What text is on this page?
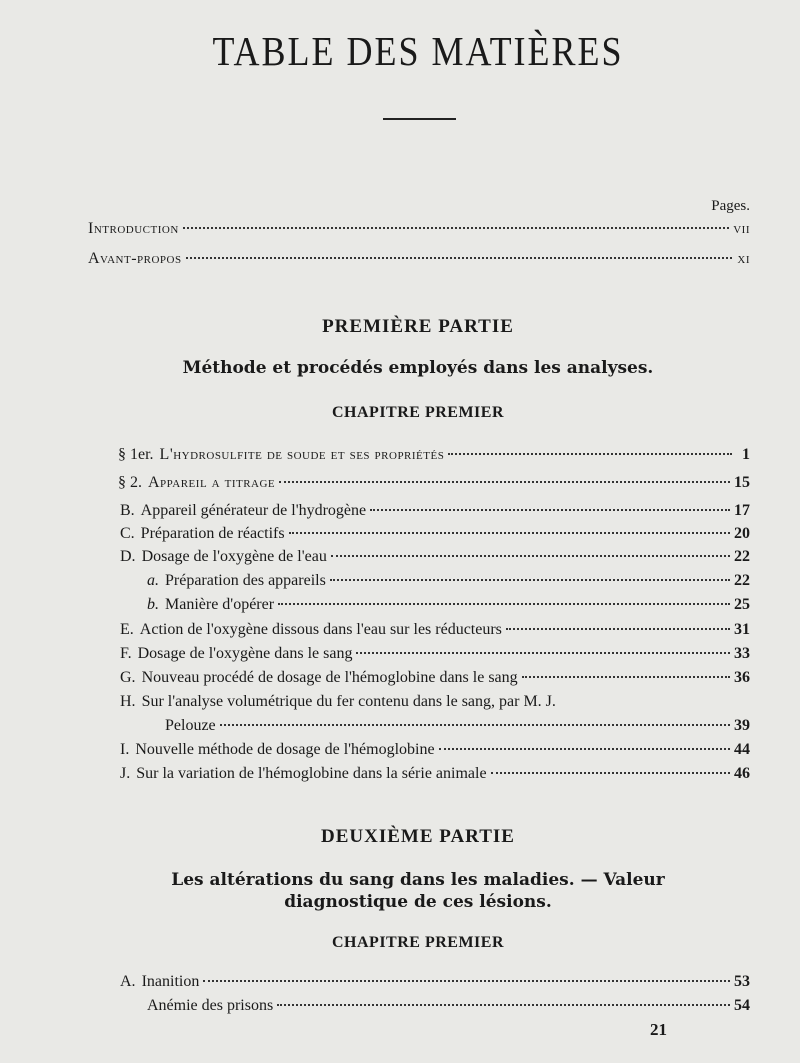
TABLE DES MATIÈRES
Pages.
Introduction	vii
Avant-propos	xi
PREMIÈRE PARTIE
Méthode et procédés employés dans les analyses.
CHAPITRE PREMIER
§ 1er. L'hydrosulfite de soude et ses propriétés	1
§ 2. Appareil a titrage	15
B. Appareil générateur de l'hydrogène	17
C. Préparation de réactifs	20
D. Dosage de l'oxygène de l'eau	22
a. Préparation des appareils	22
b. Manière d'opérer	25
E. Action de l'oxygène dissous dans l'eau sur les réducteurs	31
F. Dosage de l'oxygène dans le sang	33
G. Nouveau procédé de dosage de l'hémoglobine dans le sang	36
H. Sur l'analyse volumétrique du fer contenu dans le sang, par M. J.
Pelouze	39
I. Nouvelle méthode de dosage de l'hémoglobine	44
J. Sur la variation de l'hémoglobine dans la série animale	46
DEUXIÈME PARTIE
Les altérations du sang dans les maladies. — Valeur
diagnostique de ces lésions.
CHAPITRE PREMIER
A. Inanition	53
Anémie des prisons	54
21
